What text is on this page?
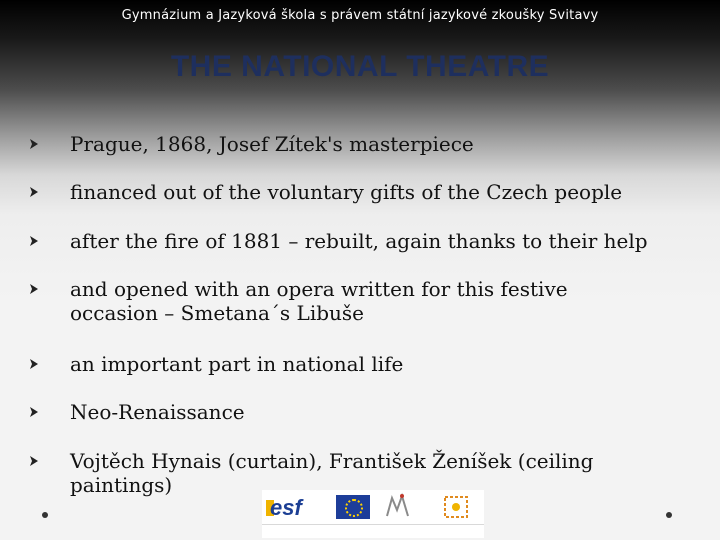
Gymnázium a Jazyková škola s právem státní jazykové zkoušky Svitavy
THE NATIONAL THEATRE
Prague, 1868, Josef Zítek's masterpiece
financed out of the voluntary gifts of the Czech people
after the fire of 1881 – rebuilt, again thanks to their help
and opened with an opera written for this festive occasion – Smetana´s Libuše
an important part in national life
Neo-Renaissance
Vojtěch Hynais (curtain), František Ženíšek (ceiling paintings)
esf
